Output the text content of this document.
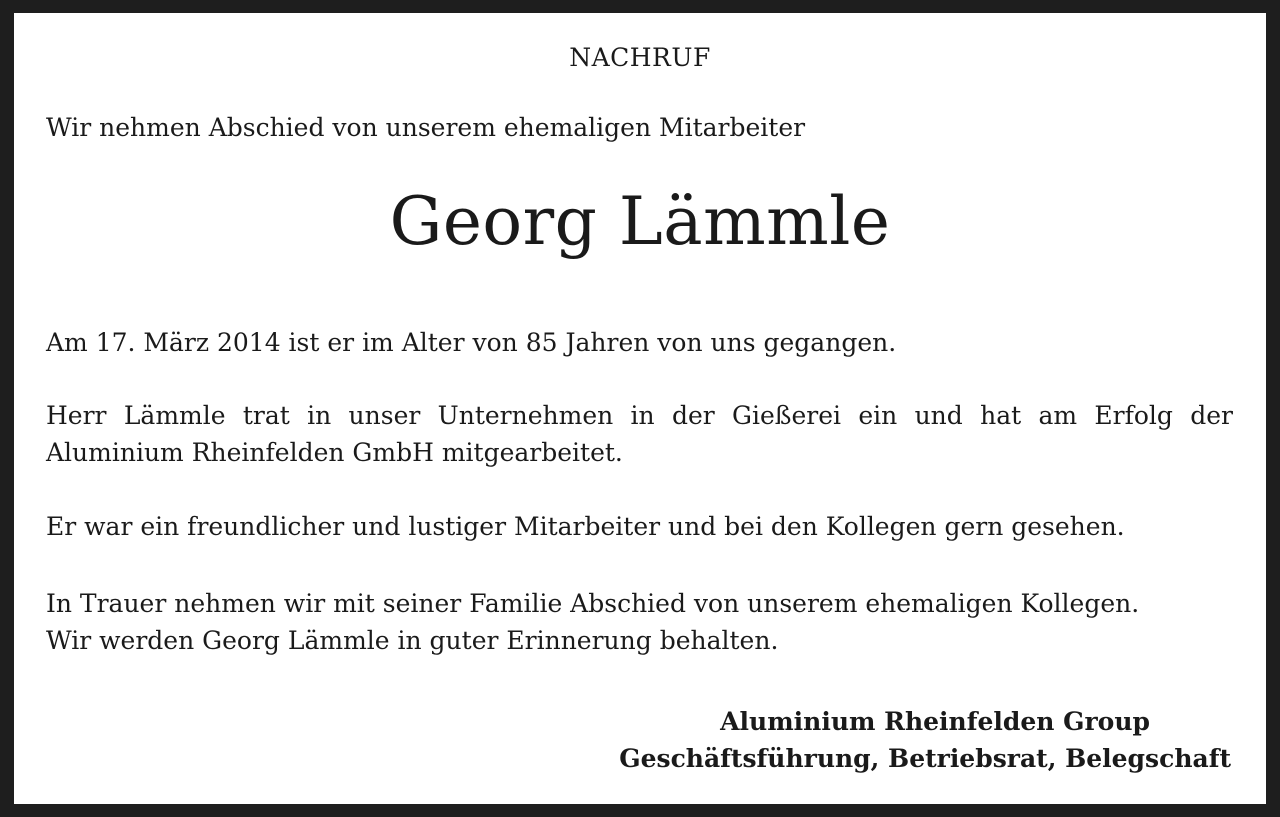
NACHRUF
Wir nehmen Abschied von unserem ehemaligen Mitarbeiter
Georg Lämmle
Am 17. März 2014 ist er im Alter von 85 Jahren von uns gegangen.
Herr Lämmle trat in unser Unternehmen in der Gießerei ein und hat am Erfolg der
Aluminium Rheinfelden GmbH mitgearbeitet.
Er war ein freundlicher und lustiger Mitarbeiter und bei den Kollegen gern gesehen.
In Trauer nehmen wir mit seiner Familie Abschied von unserem ehemaligen Kollegen.
Wir werden Georg Lämmle in guter Erinnerung behalten.
Aluminium Rheinfelden Group
Geschäftsführung, Betriebsrat, Belegschaft
